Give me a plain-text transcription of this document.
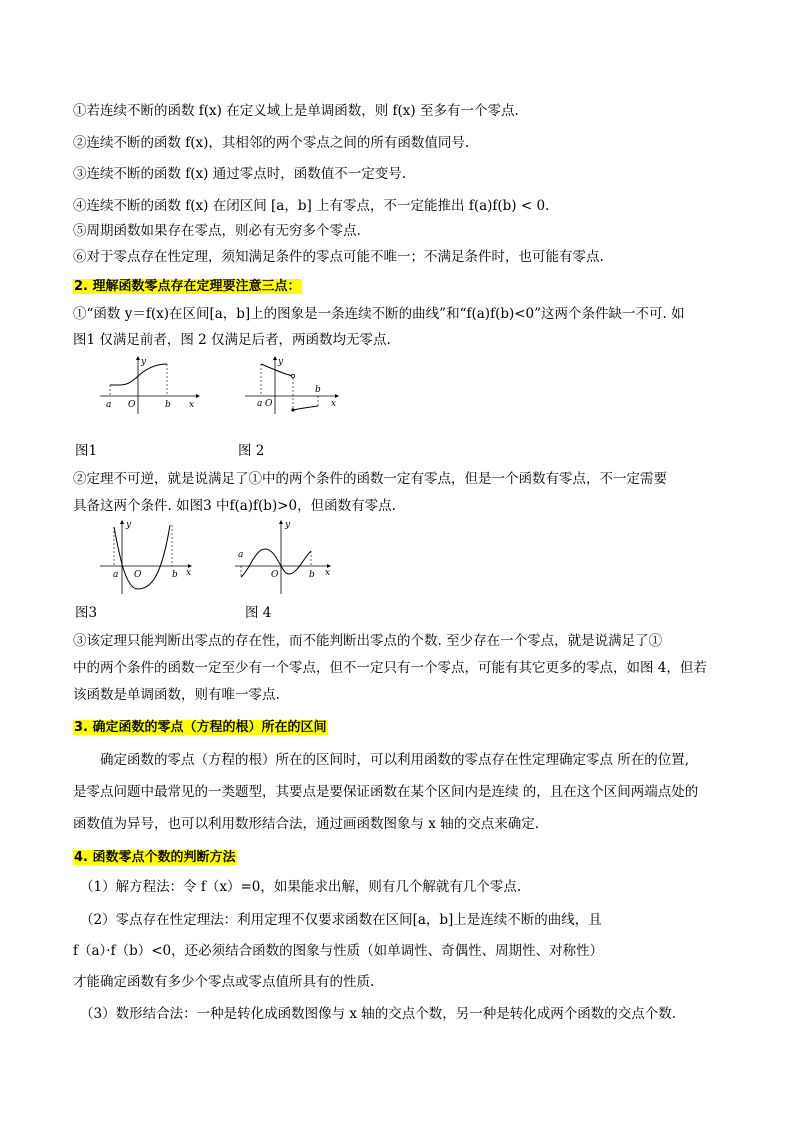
①若连续不断的函数 f(x) 在定义域上是单调函数，则 f(x) 至多有一个零点.
②连续不断的函数 f(x)，其相邻的两个零点之间的所有函数值同号.
③连续不断的函数 f(x) 通过零点时，函数值不一定变号.
④连续不断的函数 f(x) 在闭区间 [a，b] 上有零点，不一定能推出 f(a)f(b) < 0.
⑤周期函数如果存在零点，则必有无穷多个零点.
⑥对于零点存在性定理，须知满足条件的零点可能不唯一；不满足条件时，也可能有零点.
2. 理解函数零点存在定理要注意三点：
①“函数 y＝f(x)在区间[a，b]上的图象是一条连续不断的曲线”和“f(a)f(b)<0”这两个条件缺一不可. 如
图1 仅满足前者，图 2 仅满足后者，两函数均无零点.
a O	b x
y
a O
b
x
y
图1	图 2
②定理不可逆，就是说满足了①中的两个条件的函数一定有零点，但是一个函数有零点，不一定需要
具备这两个条件. 如图3 中f(a)f(b)>0，但函数有零点.
a O	b x
y
a
O	b x
y
图3	图 4
③该定理只能判断出零点的存在性，而不能判断出零点的个数. 至少存在一个零点，就是说满足了①
中的两个条件的函数一定至少有一个零点，但不一定只有一个零点，可能有其它更多的零点，如图 4，但若
该函数是单调函数，则有唯一零点.
3. 确定函数的零点（方程的根）所在的区间
确定函数的零点（方程的根）所在的区间时，可以利用函数的零点存在性定理确定零点 所在的位置,
是零点问题中最常见的一类题型，其要点是要保证函数在某个区间内是连续 的，且在这个区间两端点处的
函数值为异号，也可以利用数形结合法，通过画函数图象与 x 轴的交点来确定.
4. 函数零点个数的判断方法
（1）解方程法：令 f（x）=0，如果能求出解，则有几个解就有几个零点.
（2）零点存在性定理法：利用定理不仅要求函数在区间[a，b]上是连续不断的曲线，且
f（a）·f（b）<0，还必须结合函数的图象与性质（如单调性、奇偶性、周期性、对称性）
才能确定函数有多少个零点或零点值所具有的性质.
（3）数形结合法：一种是转化成函数图像与 x 轴的交点个数，另一种是转化成两个函数的交点个数.
